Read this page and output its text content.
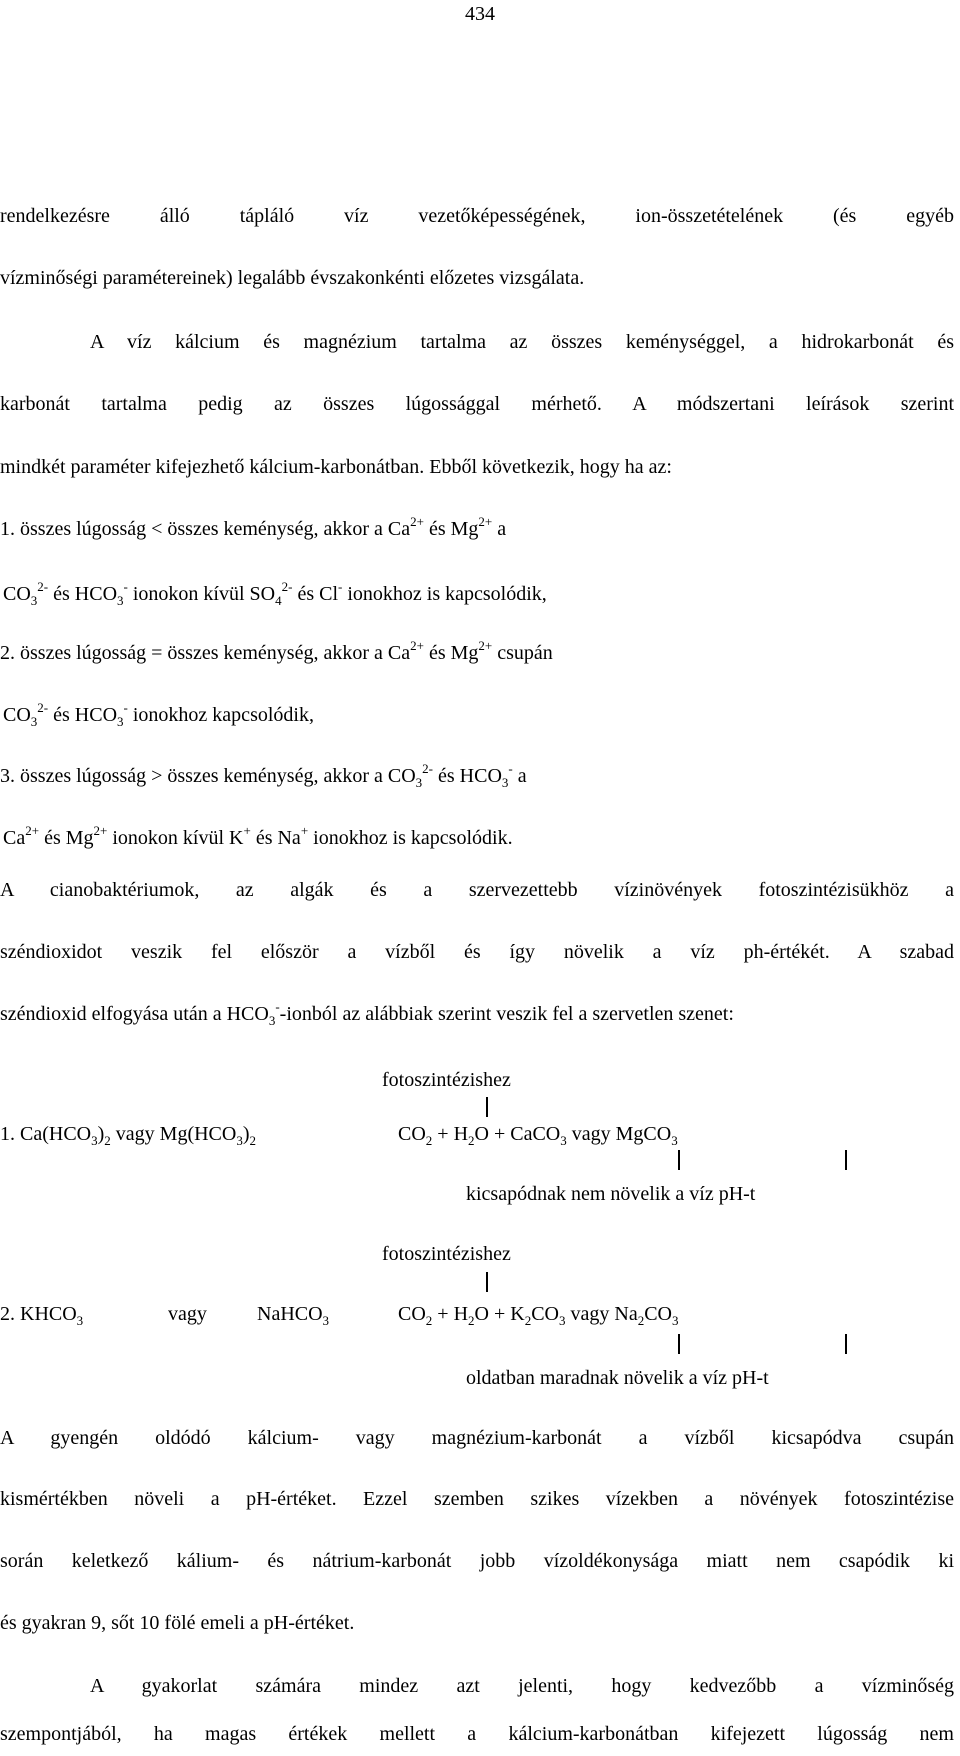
434
rendelkezésre álló tápláló víz vezetőképességének, ion-összetételének (és egyéb
vízminőségi paramétereinek) legalább évszakonkénti előzetes vizsgálata.
A víz kálcium és magnézium tartalma az összes keménységgel, a hidrokarbonát és
karbonát tartalma pedig az összes lúgossággal mérhető. A módszertani leírások szerint
mindkét paraméter kifejezhető kálcium-karbonátban. Ebből következik, hogy ha az:
1. összes lúgosság < összes keménység, akkor a $Ca^{2+}$ és $Mg^{2+}$ a
$CO_3^{2-}$ és $HCO_3^-$ ionokon kívül $SO_4^{2-}$ és Cl- ionokhoz is kapcsolódik,
2. összes lúgosság = összes keménység, akkor a $Ca^{2+}$ és $Mg^{2+}$ csupán
$CO_3^{2-}$ és $HCO_3^-$ ionokhoz kapcsolódik,
3. összes lúgosság > összes keménység, akkor a $CO_3^{2-}$ és $HCO_3^-$ a
$Ca^{2+}$ és $Mg^{2+}$ ionokon kívül K+ és Na+ ionokhoz is kapcsolódik.
A cianobaktériumok, az algák és a szervezettebb vízinövények fotoszintézisükhöz a
széndioxidot veszik fel először a vízből és így növelik a víz ph-értékét. A szabad
széndioxid elfogyása után a $HCO_3^-$-ionból az alábbiak szerint veszik fel a szervetlen szenet:
fotoszintézishez
1. $Ca(HCO_3)_2$ vagy $Mg(HCO_3)_2$	$CO_2 + H_2O$ + CaCO$_3$ vagy MgCO$_3$
kicsapódnak nem növelik a víz pH-t
fotoszintézishez
2. $KHCO_3$	vagy	NaHCO$_3$	$CO_2 + H_2O + K_2CO_3$ vagy $Na_2CO_3$
oldatban maradnak növelik a víz pH-t
A gyengén oldódó kálcium- vagy magnézium-karbonát a vízből kicsapódva csupán
kismértékben növeli a pH-értéket. Ezzel szemben szikes vízekben a növények fotoszintézise
során keletkező kálium- és nátrium-karbonát jobb vízoldékonysága miatt nem csapódik ki
és gyakran 9, sőt 10 fölé emeli a pH-értéket.
A gyakorlat számára mindez azt jelenti, hogy kedvezőbb a vízminőség
szempontjából, ha magas értékek mellett a kálcium-karbonátban kifejezett lúgosság nem
